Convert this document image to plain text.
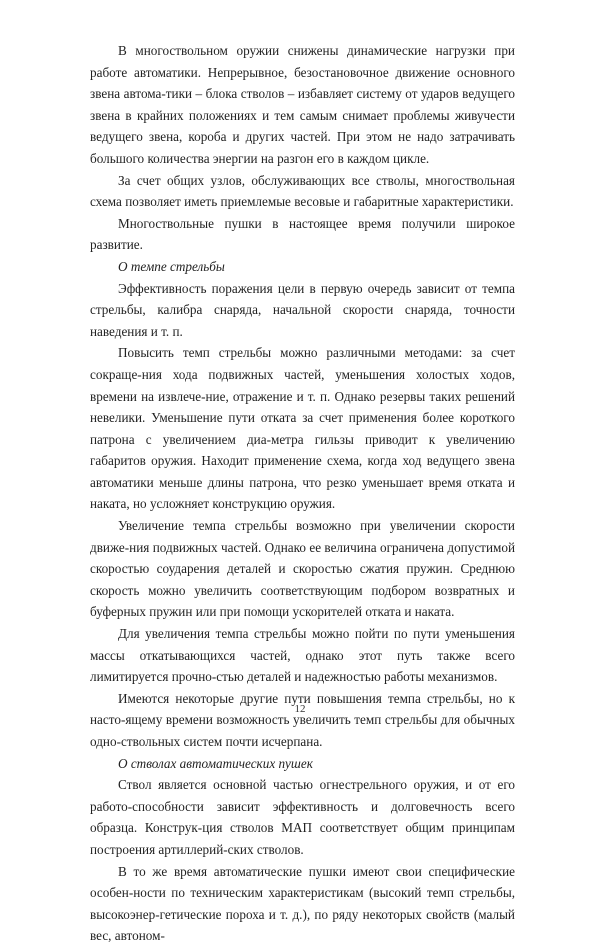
В многоствольном оружии снижены динамические нагрузки при работе автоматики. Непрерывное, безостановочное движение основного звена автома-тики – блока стволов – избавляет систему от ударов ведущего звена в крайних положениях и тем самым снимает проблемы живучести ведущего звена, короба и других частей. При этом не надо затрачивать большого количества энергии на разгон его в каждом цикле.

За счет общих узлов, обслуживающих все стволы, многоствольная схема позволяет иметь приемлемые весовые и габаритные характеристики.

Многоствольные пушки в настоящее время получили широкое развитие.

О темпе стрельбы

Эффективность поражения цели в первую очередь зависит от темпа стрельбы, калибра снаряда, начальной скорости снаряда, точности наведения и т. п.

Повысить темп стрельбы можно различными методами: за счет сокраще-ния хода подвижных частей, уменьшения холостых ходов, времени на извлече-ние, отражение и т. п. Однако резервы таких решений невелики. Уменьшение пути отката за счет применения более короткого патрона с увеличением диа-метра гильзы приводит к увеличению габаритов оружия. Находит применение схема, когда ход ведущего звена автоматики меньше длины патрона, что резко уменьшает время отката и наката, но усложняет конструкцию оружия.

Увеличение темпа стрельбы возможно при увеличении скорости движе-ния подвижных частей. Однако ее величина ограничена допустимой скоростью соударения деталей и скоростью сжатия пружин. Среднюю скорость можно увеличить соответствующим подбором возвратных и буферных пружин или при помощи ускорителей отката и наката.

Для увеличения темпа стрельбы можно пойти по пути уменьшения массы откатывающихся частей, однако этот путь также всего лимитируется прочно-стью деталей и надежностью работы механизмов.

Имеются некоторые другие пути повышения темпа стрельбы, но к насто-ящему времени возможность увеличить темп стрельбы для обычных одно-ствольных систем почти исчерпана.

О стволах автоматических пушек

Ствол является основной частью огнестрельного оружия, и от его работо-способности зависит эффективность и долговечность всего образца. Конструк-ция стволов МАП соответствует общим принципам построения артиллерий-ских стволов.

В то же время автоматические пушки имеют свои специфические особен-ности по техническим характеристикам (высокий темп стрельбы, высокоэнер-гетические пороха и т. д.), по ряду некоторых свойств (малый вес, автоном-

12
